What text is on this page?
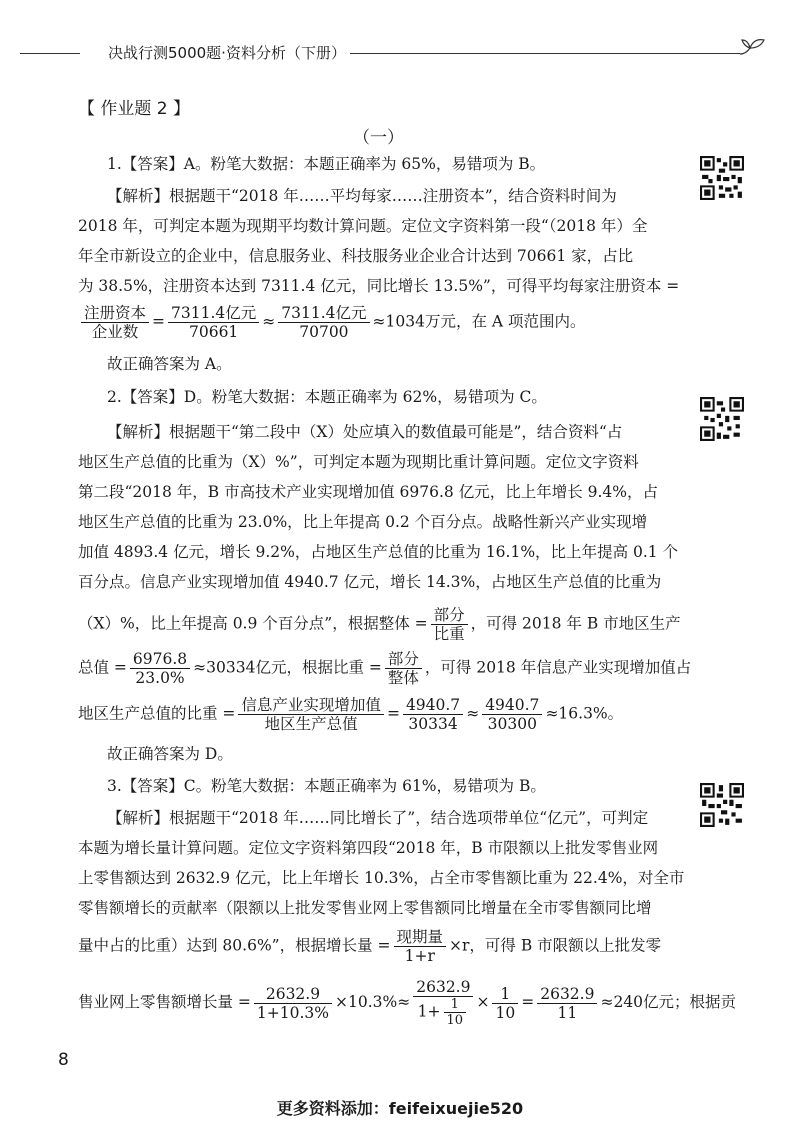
决战行测5000题·资料分析（下册）
【 作业题 2 】
（一）
1.【答案】A。粉笔大数据：本题正确率为 65%，易错项为 B。
【解析】根据题干“2018 年……平均每家……注册资本”，结合资料时间为
2018 年，可判定本题为现期平均数计算问题。定位文字资料第一段“（2018 年）全
年全市新设立的企业中，信息服务业、科技服务业企业合计达到 70661 家，占比
为 38.5%，注册资本达到 7311.4 亿元，同比增长 13.5%”，可得平均每家注册资本 =
$\frac{\text{注册资本}}{\text{企业数}} = \frac{\text{7311.4亿元}}{70661} \approx \frac{\text{7311.4亿元}}{70700} \approx 1034$万元，在 A 项范围内。
故正确答案为 A。
2.【答案】D。粉笔大数据：本题正确率为 62%，易错项为 C。
【解析】根据题干“第二段中（X）处应填入的数值最可能是”，结合资料“占
地区生产总值的比重为（X）%”，可判定本题为现期比重计算问题。定位文字资料
第二段“2018 年，B 市高技术产业实现增加值 6976.8 亿元，比上年增长 9.4%，占
地区生产总值的比重为 23.0%，比上年提高 0.2 个百分点。战略性新兴产业实现增
加值 4893.4 亿元，增长 9.2%，占地区生产总值的比重为 16.1%，比上年提高 0.1 个
百分点。信息产业实现增加值 4940.7 亿元，增长 14.3%，占地区生产总值的比重为
（X）%，比上年提高 0.9 个百分点”，根据整体 = $\frac{\text{部分}}{\text{比重}}$ ，可得 2018 年 B 市地区生产
总值 = $\frac{6976.8}{23.0\%} \approx 30334$亿元，根据比重 = $\frac{\text{部分}}{\text{整体}}$ ，可得 2018 年信息产业实现增加值占
地区生产总值的比重 = $\frac{\text{信息产业实现增加值}}{\text{地区生产总值}} = \frac{4940.7}{30334} \approx \frac{4940.7}{30300} \approx 16.3\%$。
故正确答案为 D。
3.【答案】C。粉笔大数据：本题正确率为 61%，易错项为 B。
【解析】根据题干“2018 年……同比增长了”，结合选项带单位“亿元”，可判定
本题为增长量计算问题。定位文字资料第四段“2018 年，B 市限额以上批发零售业网
上零售额达到 2632.9 亿元，比上年增长 10.3%，占全市零售额比重为 22.4%，对全市
零售额增长的贡献率（限额以上批发零售业网上零售额同比增量在全市零售额同比增
量中占的比重）达到 80.6%”，根据增长量 = $\frac{\text{现期量}}{1+r} \times r$，可得 B 市限额以上批发零
售业网上零售额增长量 = $\frac{2632.9}{1+10.3\%} \times 10.3\%\approx \frac{2632.9}{1+ \frac{1}{10}} \times \frac{1}{10} = \frac{2632.9}{11} \approx 240$亿元；根据贡
8
更多资料添加：feifeixuejie520
